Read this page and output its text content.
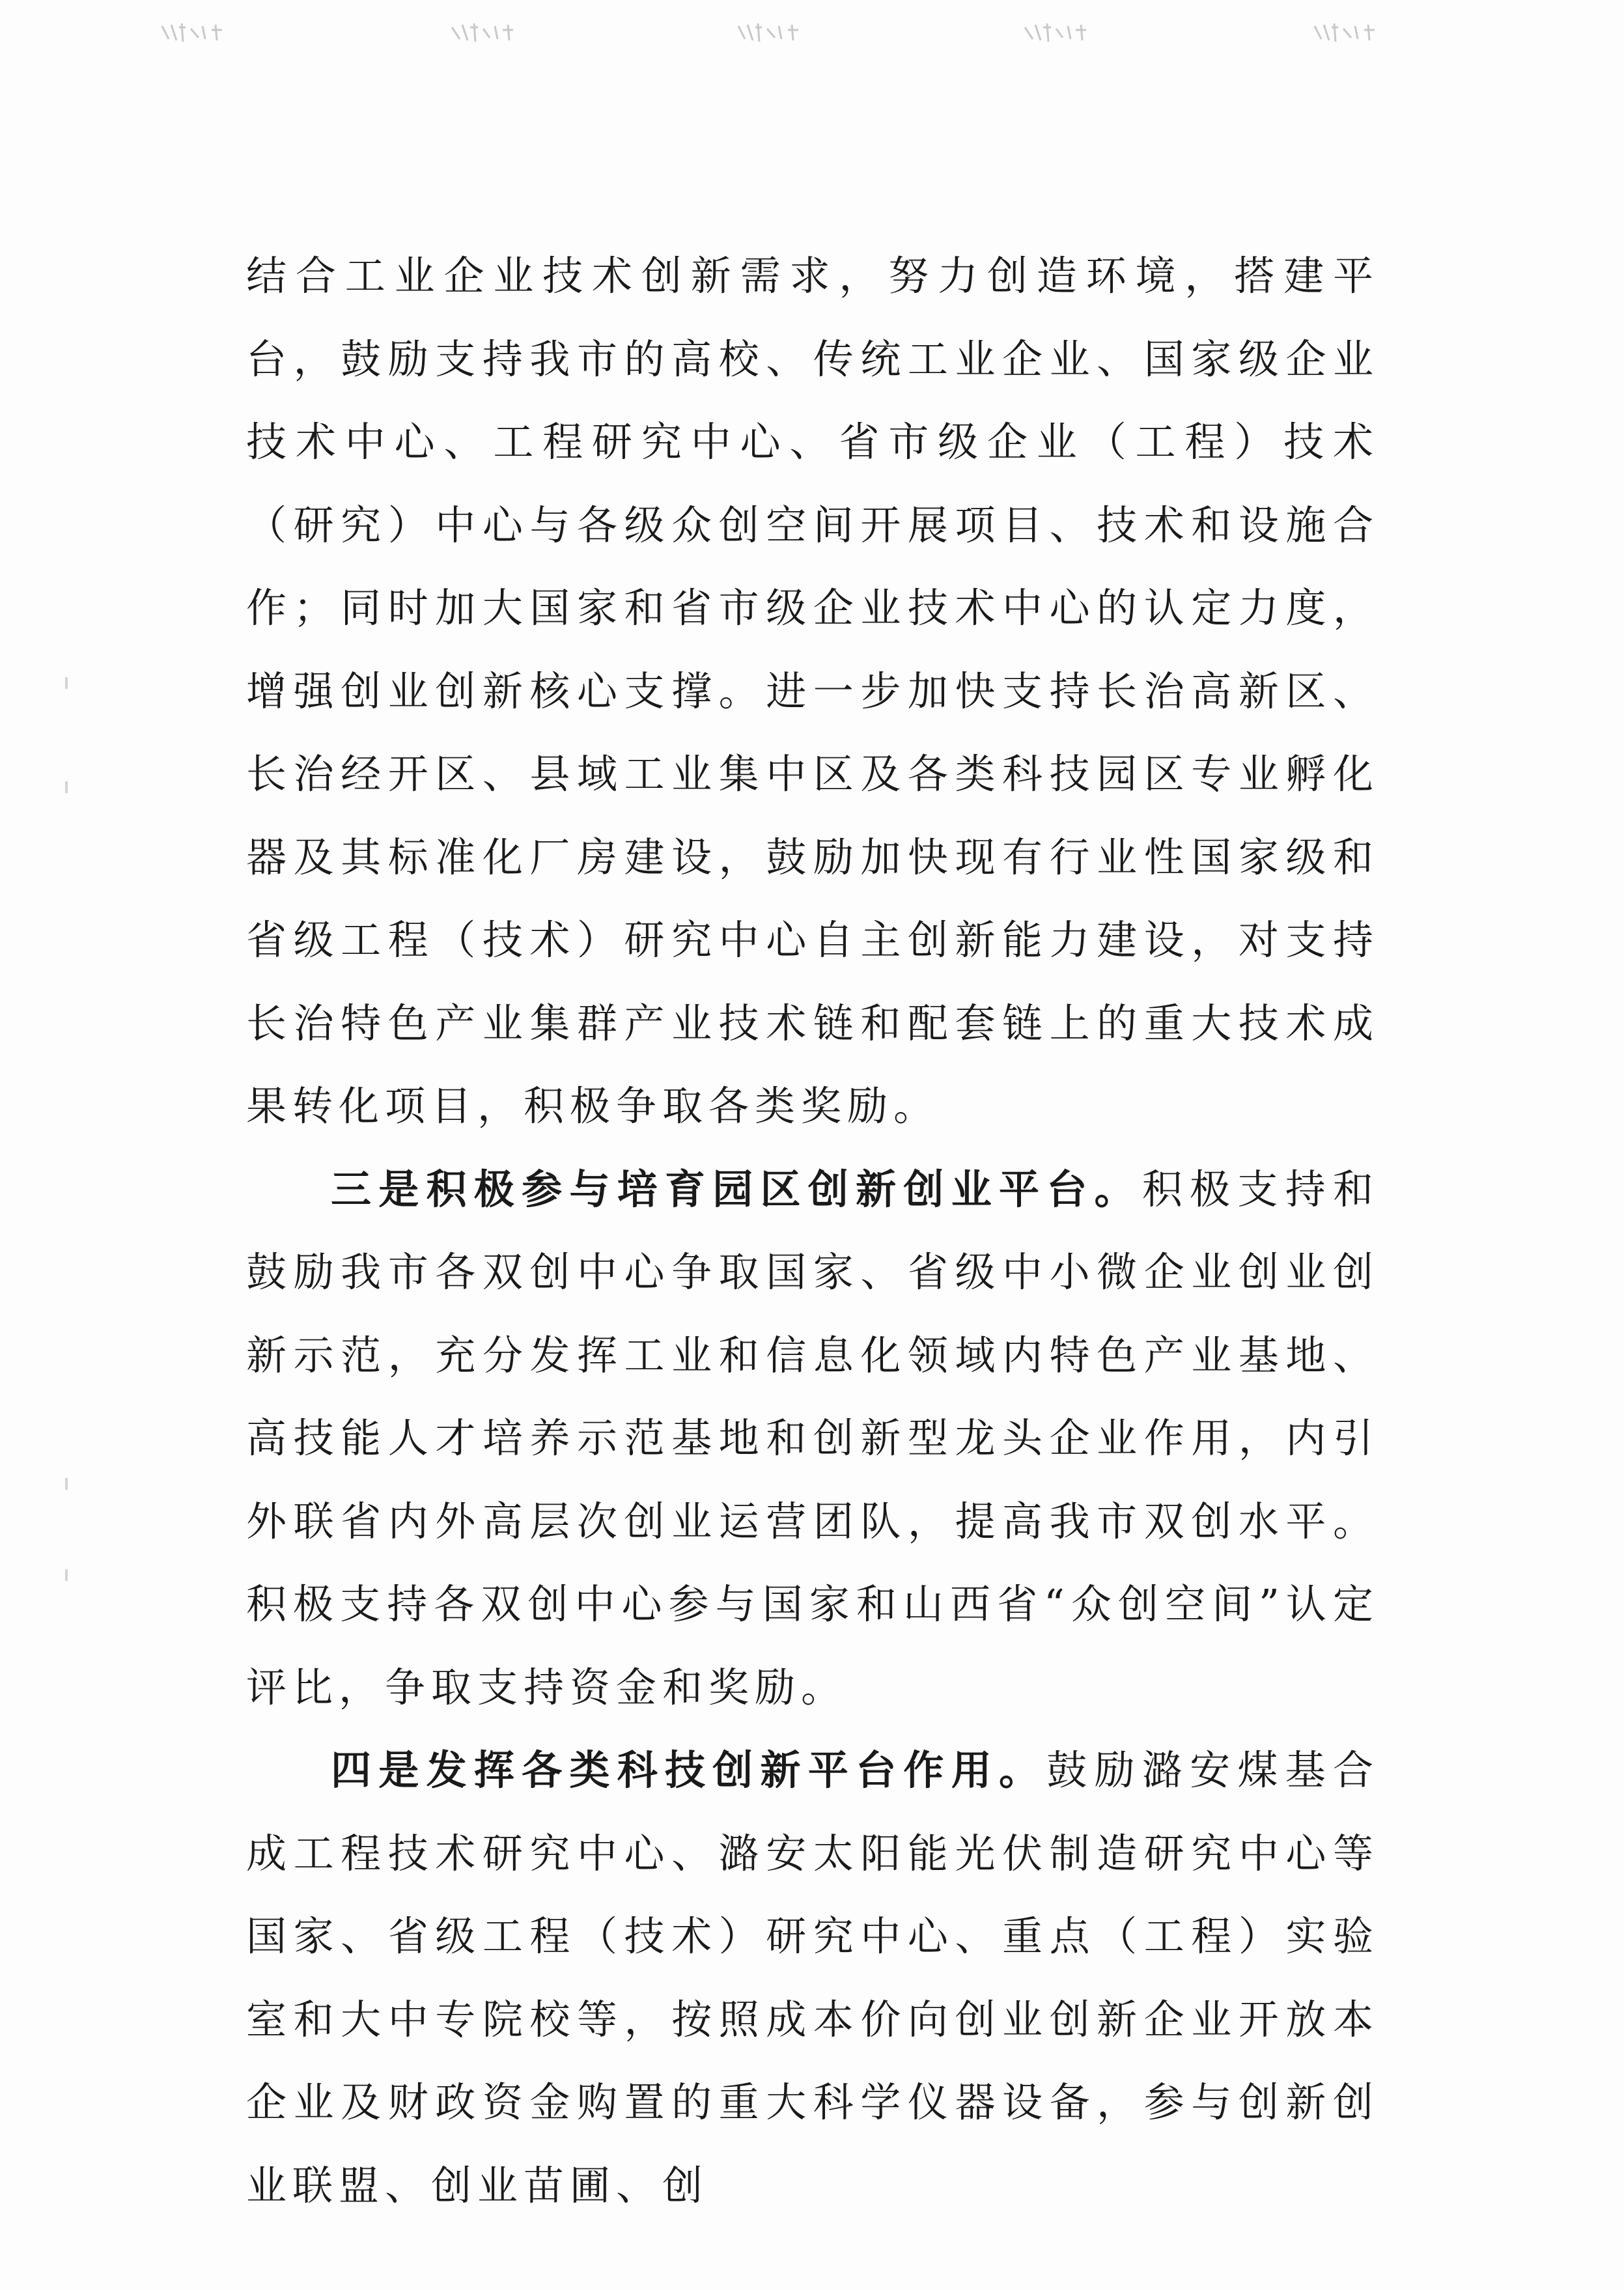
结合工业企业技术创新需求，努力创造环境，搭建平台，鼓励支持我市的高校、传统工业企业、国家级企业技术中心、工程研究中心、省市级企业（工程）技术（研究）中心与各级众创空间开展项目、技术和设施合作；同时加大国家和省市级企业技术中心的认定力度，增强创业创新核心支撑。进一步加快支持长治高新区、长治经开区、县域工业集中区及各类科技园区专业孵化器及其标准化厂房建设，鼓励加快现有行业性国家级和省级工程（技术）研究中心自主创新能力建设，对支持长治特色产业集群产业技术链和配套链上的重大技术成果转化项目，积极争取各类奖励。

三是积极参与培育园区创新创业平台。积极支持和鼓励我市各双创中心争取国家、省级中小微企业创业创新示范，充分发挥工业和信息化领域内特色产业基地、高技能人才培养示范基地和创新型龙头企业作用，内引外联省内外高层次创业运营团队，提高我市双创水平。积极支持各双创中心参与国家和山西省“众创空间”认定评比，争取支持资金和奖励。

四是发挥各类科技创新平台作用。鼓励潞安煤基合成工程技术研究中心、潞安太阳能光伏制造研究中心等国家、省级工程（技术）研究中心、重点（工程）实验室和大中专院校等，按照成本价向创业创新企业开放本企业及财政资金购置的重大科学仪器设备，参与创新创业联盟、创业苗圃、创
